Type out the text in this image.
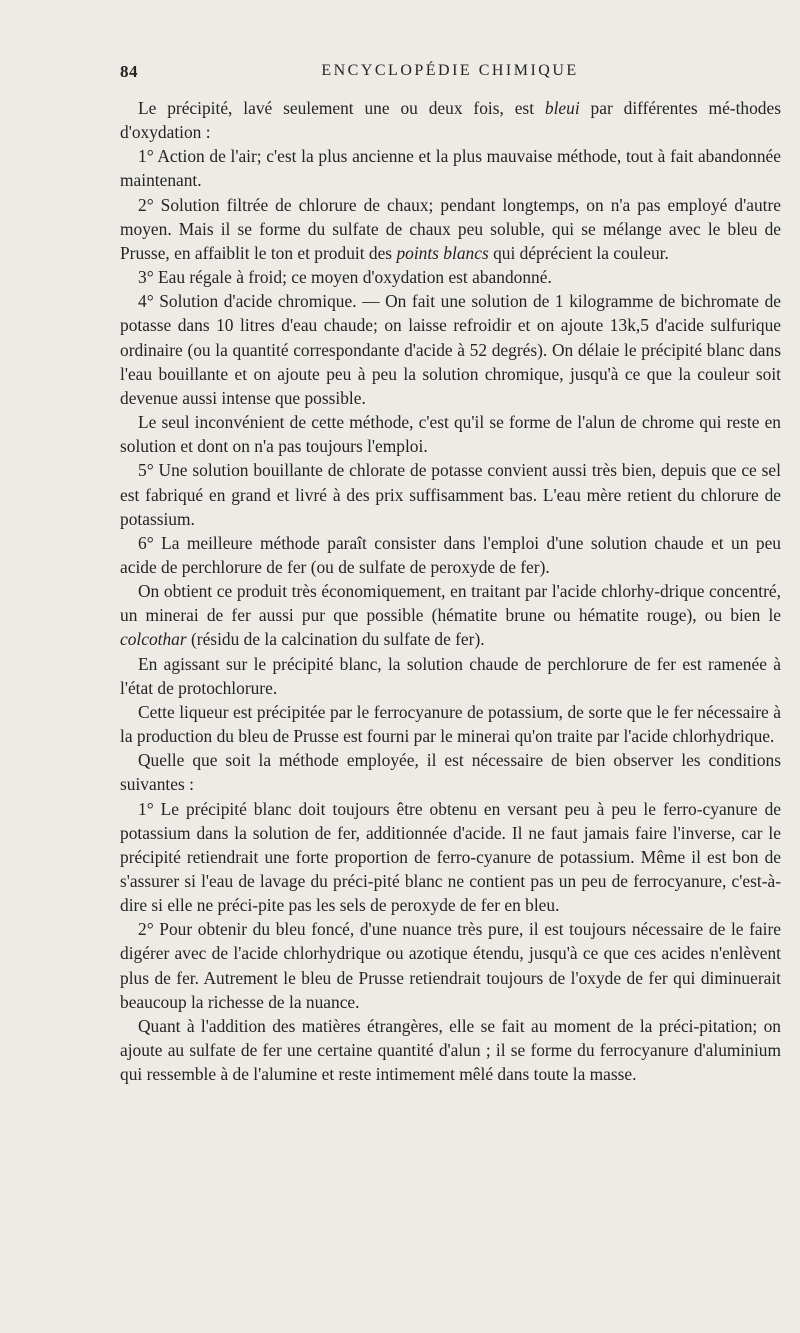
84	ENCYCLOPÉDIE CHIMIQUE

Le précipité, lavé seulement une ou deux fois, est bleui par différentes mé-thodes d'oxydation :

1° Action de l'air; c'est la plus ancienne et la plus mauvaise méthode, tout à fait abandonnée maintenant.

2° Solution filtrée de chlorure de chaux; pendant longtemps, on n'a pas employé d'autre moyen. Mais il se forme du sulfate de chaux peu soluble, qui se mélange avec le bleu de Prusse, en affaiblit le ton et produit des points blancs qui déprécient la couleur.

3° Eau régale à froid; ce moyen d'oxydation est abandonné.

4° Solution d'acide chromique. — On fait une solution de 1 kilogramme de bichromate de potasse dans 10 litres d'eau chaude; on laisse refroidir et on ajoute 13k,5 d'acide sulfurique ordinaire (ou la quantité correspondante d'acide à 52 degrés). On délaie le précipité blanc dans l'eau bouillante et on ajoute peu à peu la solution chromique, jusqu'à ce que la couleur soit devenue aussi intense que possible.

Le seul inconvénient de cette méthode, c'est qu'il se forme de l'alun de chrome qui reste en solution et dont on n'a pas toujours l'emploi.

5° Une solution bouillante de chlorate de potasse convient aussi très bien, depuis que ce sel est fabriqué en grand et livré à des prix suffisamment bas. L'eau mère retient du chlorure de potassium.

6° La meilleure méthode paraît consister dans l'emploi d'une solution chaude et un peu acide de perchlorure de fer (ou de sulfate de peroxyde de fer).

On obtient ce produit très économiquement, en traitant par l'acide chlorhy-drique concentré, un minerai de fer aussi pur que possible (hématite brune ou hématite rouge), ou bien le colcothar (résidu de la calcination du sulfate de fer).

En agissant sur le précipité blanc, la solution chaude de perchlorure de fer est ramenée à l'état de protochlorure.

Cette liqueur est précipitée par le ferrocyanure de potassium, de sorte que le fer nécessaire à la production du bleu de Prusse est fourni par le minerai qu'on traite par l'acide chlorhydrique.

Quelle que soit la méthode employée, il est nécessaire de bien observer les conditions suivantes :

1° Le précipité blanc doit toujours être obtenu en versant peu à peu le ferro-cyanure de potassium dans la solution de fer, additionnée d'acide. Il ne faut jamais faire l'inverse, car le précipité retiendrait une forte proportion de ferro-cyanure de potassium. Même il est bon de s'assurer si l'eau de lavage du préci-pité blanc ne contient pas un peu de ferrocyanure, c'est-à-dire si elle ne préci-pite pas les sels de peroxyde de fer en bleu.

2° Pour obtenir du bleu foncé, d'une nuance très pure, il est toujours nécessaire de le faire digérer avec de l'acide chlorhydrique ou azotique étendu, jusqu'à ce que ces acides n'enlèvent plus de fer. Autrement le bleu de Prusse retiendrait toujours de l'oxyde de fer qui diminuerait beaucoup la richesse de la nuance.

Quant à l'addition des matières étrangères, elle se fait au moment de la préci-pitation; on ajoute au sulfate de fer une certaine quantité d'alun ; il se forme du ferrocyanure d'aluminium qui ressemble à de l'alumine et reste intimement mêlé dans toute la masse.
